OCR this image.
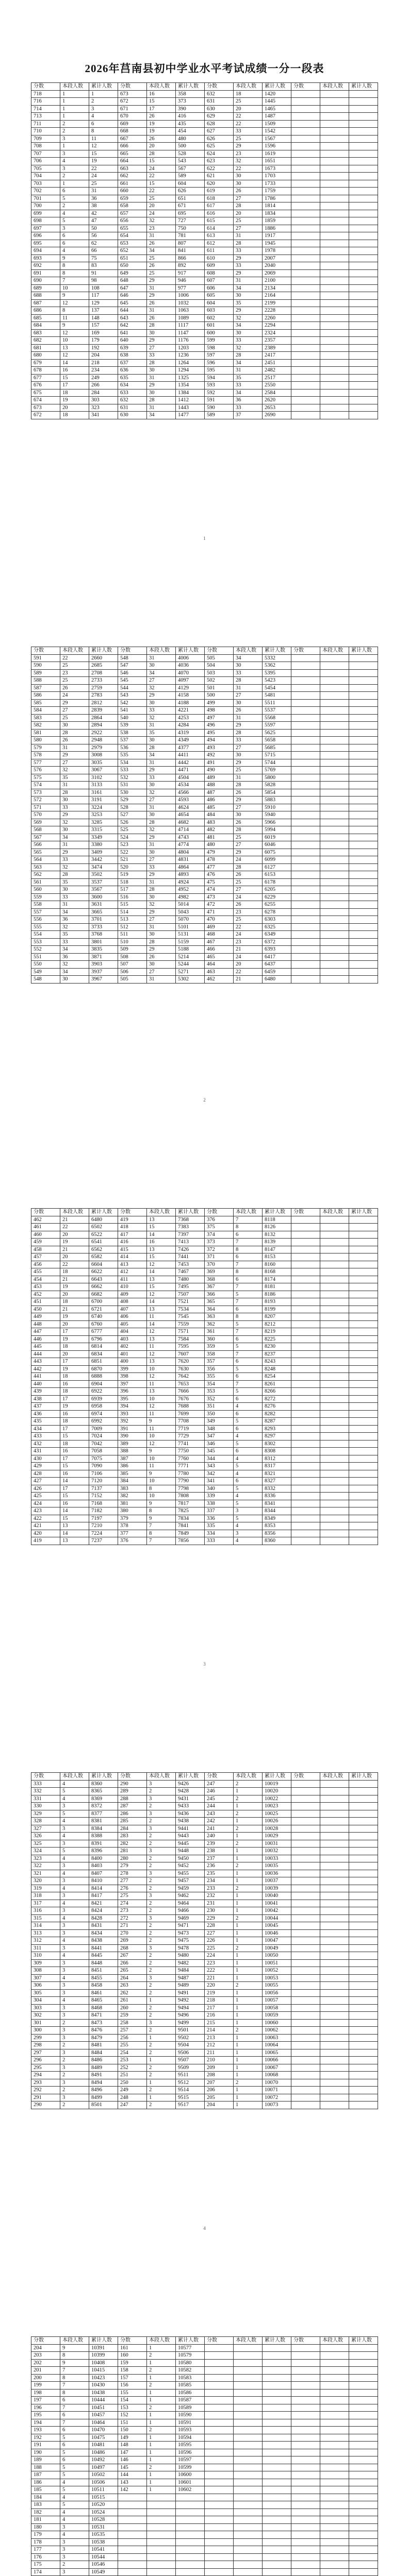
2026年莒南县初中学业水平考试成绩一分一段表
分数	本段人数	累计人数	分数	本段人数	累计人数	分数	本段人数	累计人数	分数	本段人数	累计人数
718	1	1	673	16	358	632	18	1420			
716	1	2	672	15	373	631	25	1445			
714	1	3	671	17	390	630	20	1465			
713	1	4	670	26	416	629	22	1487			
711	2	6	669	19	435	628	22	1509			
710	2	8	668	19	454	627	33	1542			
709	3	11	667	26	480	626	25	1567			
708	1	12	666	20	500	625	29	1596			
707	3	15	665	28	528	624	23	1619			
706	4	19	664	15	543	623	32	1651			
705	3	22	663	24	567	622	22	1673			
704	2	24	662	22	589	621	30	1703			
703	1	25	661	15	604	620	30	1733			
702	6	31	660	22	626	619	26	1759			
701	5	36	659	25	651	618	27	1786			
700	2	38	658	20	671	617	28	1814			
699	4	42	657	24	695	616	20	1834			
698	5	47	656	32	727	615	25	1859			
697	3	50	655	23	750	614	27	1886			
696	6	56	654	31	781	613	31	1917			
695	6	62	653	26	807	612	28	1945			
694	4	66	652	34	841	611	33	1978			
693	9	75	651	25	866	610	29	2007			
692	8	83	650	26	892	609	33	2040			
691	8	91	649	25	917	608	29	2069			
690	7	98	648	29	946	607	31	2100			
689	10	108	647	31	977	606	34	2134			
688	9	117	646	29	1006	605	30	2164			
687	12	129	645	26	1032	604	35	2199			
686	8	137	644	31	1063	603	29	2228			
685	11	148	643	26	1089	602	32	2260			
684	9	157	642	28	1117	601	34	2294			
683	12	169	641	30	1147	600	30	2324			
682	10	179	640	29	1176	599	33	2357			
681	13	192	639	27	1203	598	32	2389			
680	12	204	638	33	1236	597	28	2417			
679	14	218	637	28	1264	596	34	2451			
678	16	234	636	30	1294	595	31	2482			
677	15	249	635	31	1325	594	35	2517			
676	17	266	634	29	1354	593	33	2550			
675	18	284	633	30	1384	592	34	2584			
674	19	303	632	28	1412	591	36	2620			
673	20	323	631	31	1443	590	33	2653			
672	18	341	630	34	1477	589	37	2690			
1
分数	本段人数	累计人数	分数	本段人数	累计人数	分数	本段人数	累计人数	分数	本段人数	累计人数
591	22	2660	548	31	4006	505	34	5332			
590	25	2685	547	30	4036	504	30	5362			
589	23	2708	546	34	4070	503	33	5395			
588	25	2733	545	27	4097	502	28	5423			
587	26	2759	544	32	4129	501	31	5454			
586	24	2783	543	29	4158	500	27	5481			
585	29	2812	542	30	4188	499	30	5511			
584	27	2839	541	33	4221	498	26	5537			
583	25	2864	540	32	4253	497	31	5568			
582	30	2894	539	31	4284	496	29	5597			
581	28	2922	538	35	4319	495	28	5625			
580	26	2948	537	30	4349	494	33	5658			
579	31	2979	536	28	4377	493	27	5685			
578	29	3008	535	34	4411	492	30	5715			
577	27	3035	534	31	4442	491	29	5744			
576	32	3067	533	29	4471	490	25	5769			
575	35	3102	532	33	4504	489	31	5800			
574	31	3133	531	30	4534	488	28	5828			
573	28	3161	530	32	4566	487	26	5854			
572	30	3191	529	27	4593	486	29	5883			
571	33	3224	528	31	4624	485	27	5910			
570	29	3253	527	30	4654	484	30	5940			
569	32	3285	526	28	4682	483	26	5966			
568	30	3315	525	32	4714	482	28	5994			
567	34	3349	524	29	4743	481	25	6019			
566	31	3380	523	31	4774	480	27	6046			
565	29	3409	522	30	4804	479	29	6075			
564	33	3442	521	27	4831	478	24	6099			
563	32	3474	520	33	4864	477	28	6127			
562	28	3502	519	29	4893	476	26	6153			
561	35	3537	518	31	4924	475	25	6178			
560	30	3567	517	28	4952	474	27	6205			
559	33	3600	516	30	4982	473	24	6229			
558	31	3631	515	32	5014	472	26	6255			
557	34	3665	514	29	5043	471	23	6278			
556	36	3701	513	27	5070	470	25	6303			
555	32	3733	512	31	5101	469	22	6325			
554	35	3768	511	30	5131	468	24	6349			
553	33	3801	510	28	5159	467	23	6372			
552	34	3835	509	29	5188	466	21	6393			
551	36	3871	508	26	5214	465	24	6417			
550	32	3903	507	30	5244	464	20	6437			
549	34	3937	506	27	5271	463	22	6459			
548	30	3967	505	31	5302	462	21	6480			
2
分数	本段人数	累计人数	分数	本段人数	累计人数	分数	本段人数	累计人数	分数	本段人数	累计人数
462	21	6480	419	13	7368	376	7	8118			
461	22	6502	418	15	7383	375	8	8126			
460	20	6522	417	14	7397	374	6	8132			
459	19	6541	416	16	7413	373	7	8139			
458	21	6562	415	13	7426	372	8	8147			
457	20	6582	414	15	7441	371	6	8153			
456	22	6604	413	12	7453	370	7	8160			
455	18	6622	412	14	7467	369	8	8168			
454	21	6643	411	13	7480	368	6	8174			
453	19	6662	410	15	7495	367	7	8181			
452	20	6682	409	12	7507	366	5	8186			
451	18	6700	408	14	7521	365	7	8193			
450	21	6721	407	13	7534	364	6	8199			
449	19	6740	406	11	7545	363	8	8207			
448	20	6760	405	14	7559	362	5	8212			
447	17	6777	404	12	7571	361	7	8219			
446	19	6796	403	13	7584	360	6	8225			
445	18	6814	402	11	7595	359	5	8230			
444	20	6834	401	12	7607	358	7	8237			
443	17	6851	400	13	7620	357	6	8243			
442	19	6870	399	10	7630	356	5	8248			
441	18	6888	398	12	7642	355	6	8254			
440	16	6904	397	11	7653	354	7	8261			
439	18	6922	396	13	7666	353	5	8266			
438	17	6939	395	10	7676	352	6	8272			
437	19	6958	394	12	7688	351	4	8276			
436	16	6974	393	11	7699	350	6	8282			
435	18	6992	392	9	7708	349	5	8287			
434	17	7009	391	11	7719	348	6	8293			
433	15	7024	390	10	7729	347	4	8297			
432	18	7042	389	12	7741	346	5	8302			
431	16	7058	388	9	7750	345	6	8308			
430	17	7075	387	10	7760	344	4	8312			
429	15	7090	386	11	7771	343	5	8317			
428	16	7106	385	9	7780	342	4	8321			
427	14	7120	384	10	7790	341	6	8327			
426	17	7137	383	8	7798	340	5	8332			
425	15	7152	382	10	7808	339	4	8336			
424	16	7168	381	9	7817	338	5	8341			
423	14	7182	380	8	7825	337	3	8344			
422	15	7197	379	9	7834	336	5	8349			
421	13	7210	378	7	7841	335	4	8353			
420	14	7224	377	8	7849	334	3	8356			
419	13	7237	376	7	7856	333	4	8360			
3
分数	本段人数	累计人数	分数	本段人数	累计人数	分数	本段人数	累计人数	分数	本段人数	累计人数
333	4	8360	290	3	9426	247	2	10019			
332	5	8365	289	2	9428	246	1	10020			
331	4	8369	288	3	9431	245	2	10022			
330	3	8372	287	2	9433	244	1	10023			
329	5	8377	286	3	9436	243	2	10025			
328	4	8381	285	2	9438	242	1	10026			
327	3	8384	284	3	9441	241	2	10028			
326	4	8388	283	2	9443	240	1	10029			
325	3	8391	282	2	9445	239	2	10031			
324	5	8396	281	3	9448	238	1	10032			
323	4	8400	280	2	9450	237	1	10033			
322	3	8403	279	2	9452	236	2	10035			
321	4	8407	278	3	9455	235	1	10036			
320	3	8410	277	2	9457	234	1	10037			
319	4	8414	276	2	9459	233	2	10039			
318	3	8417	275	3	9462	232	1	10040			
317	4	8421	274	2	9464	231	1	10041			
316	3	8424	273	2	9466	230	1	10042			
315	4	8428	272	3	9469	229	2	10044			
314	3	8431	271	2	9471	228	1	10045			
313	3	8434	270	2	9473	227	1	10046			
312	4	8438	269	2	9475	226	1	10047			
311	3	8441	268	3	9478	225	2	10049			
310	4	8445	267	2	9480	224	1	10050			
309	3	8448	266	2	9482	223	1	10051			
308	3	8451	265	2	9484	222	1	10052			
307	4	8455	264	3	9487	221	1	10053			
306	3	8458	263	2	9489	220	2	10055			
305	3	8461	262	2	9491	219	1	10056			
304	4	8465	261	1	9492	218	1	10057			
303	3	8468	260	2	9494	217	1	10058			
302	3	8471	259	2	9496	216	1	10059			
301	2	8473	258	3	9499	215	1	10060			
300	3	8476	257	2	9501	214	2	10062			
299	3	8479	256	1	9502	213	1	10063			
298	2	8481	255	2	9504	212	1	10064			
297	3	8484	254	2	9506	211	1	10065			
296	2	8486	253	1	9507	210	1	10066			
295	3	8489	252	2	9509	209	1	10067			
294	2	8491	251	2	9511	208	1	10068			
293	3	8494	250	1	9512	207	2	10070			
292	2	8496	249	2	9514	206	1	10071			
291	3	8499	248	1	9515	205	1	10072			
290	2	8501	247	2	9517	204	1	10073			
4
分数	本段人数	累计人数	分数	本段人数	累计人数	分数	本段人数	累计人数	分数	本段人数	累计人数
204	9	10391	161	1	10577						
203	8	10399	160	2	10579						
202	9	10408	159	1	10580						
201	7	10415	158	2	10582						
200	8	10423	157	1	10583						
199	7	10430	156	2	10585						
198	8	10438	155	1	10586						
197	6	10444	154	1	10587						
196	7	10451	153	2	10589						
195	6	10457	152	1	10590						
194	7	10464	151	1	10591						
193	6	10470	150	2	10593						
192	5	10475	149	1	10594						
191	6	10481	148	1	10595						
190	5	10486	147	1	10596						
189	6	10492	146	1	10597						
188	5	10497	145	2	10599						
187	5	10502	144	1	10600						
186	4	10506	143	1	10601						
185	5	10511	142	1	10602						
184	4	10515									
183	5	10520									
182	4	10524									
181	4	10528									
180	3	10531									
179	4	10535									
178	3	10538									
177	3	10541									
176	3	10544									
175	2	10546									
174	3	10549									
